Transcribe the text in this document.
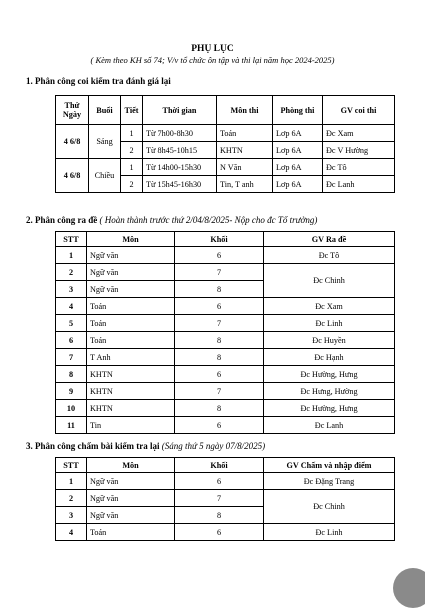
PHỤ LỤC
( Kèm theo KH số 74; V/v tổ chức ôn tập và thi lại năm học 2024-2025)
1. Phân công coi kiểm tra đánh giá lại
Thứ Ngày	Buổi	Tiết	Thời gian	Môn thi	Phòng thi	GV coi thi
4 6/8	Sáng	1	Từ 7h00-8h30	Toán	Lơp 6A	Đc Xam
		2	Từ 8h45-10h15	KHTN	Lơp 6A	Đc V Hường
4 6/8	Chiều	1	Từ 14h00-15h30	N Văn	Lơp 6A	Đc Tô
		2	Từ 15h45-16h30	Tin, T anh	Lơp 6A	Đc Lanh
2. Phân công ra đề ( Hoàn thành trước thứ 2/04/8/2025- Nộp cho đc Tổ trưởng)
STT	Môn	Khối	GV Ra đề
1	Ngữ văn	6	Đc Tô
2	Ngữ văn	7	Đc Chinh
3	Ngữ văn	8	
4	Toán	6	Đc Xam
5	Toán	7	Đc Linh
6	Toán	8	Đc Huyền
7	T Anh	8	Đc Hạnh
8	KHTN	6	Đc Hường, Hưng
9	KHTN	7	Đc Hưng, Hường
10	KHTN	8	Đc Hường, Hưng
11	Tin	6	Đc Lanh
3. Phân công chấm bài kiểm tra lại (Sáng thứ 5 ngày 07/8/2025)
STT	Môn	Khối	GV Chấm và nhập điểm
1	Ngữ văn	6	Đc Đặng Trang
2	Ngữ văn	7	Đc Chinh
3	Ngữ văn	8	
4	Toán	6	Đc Linh
